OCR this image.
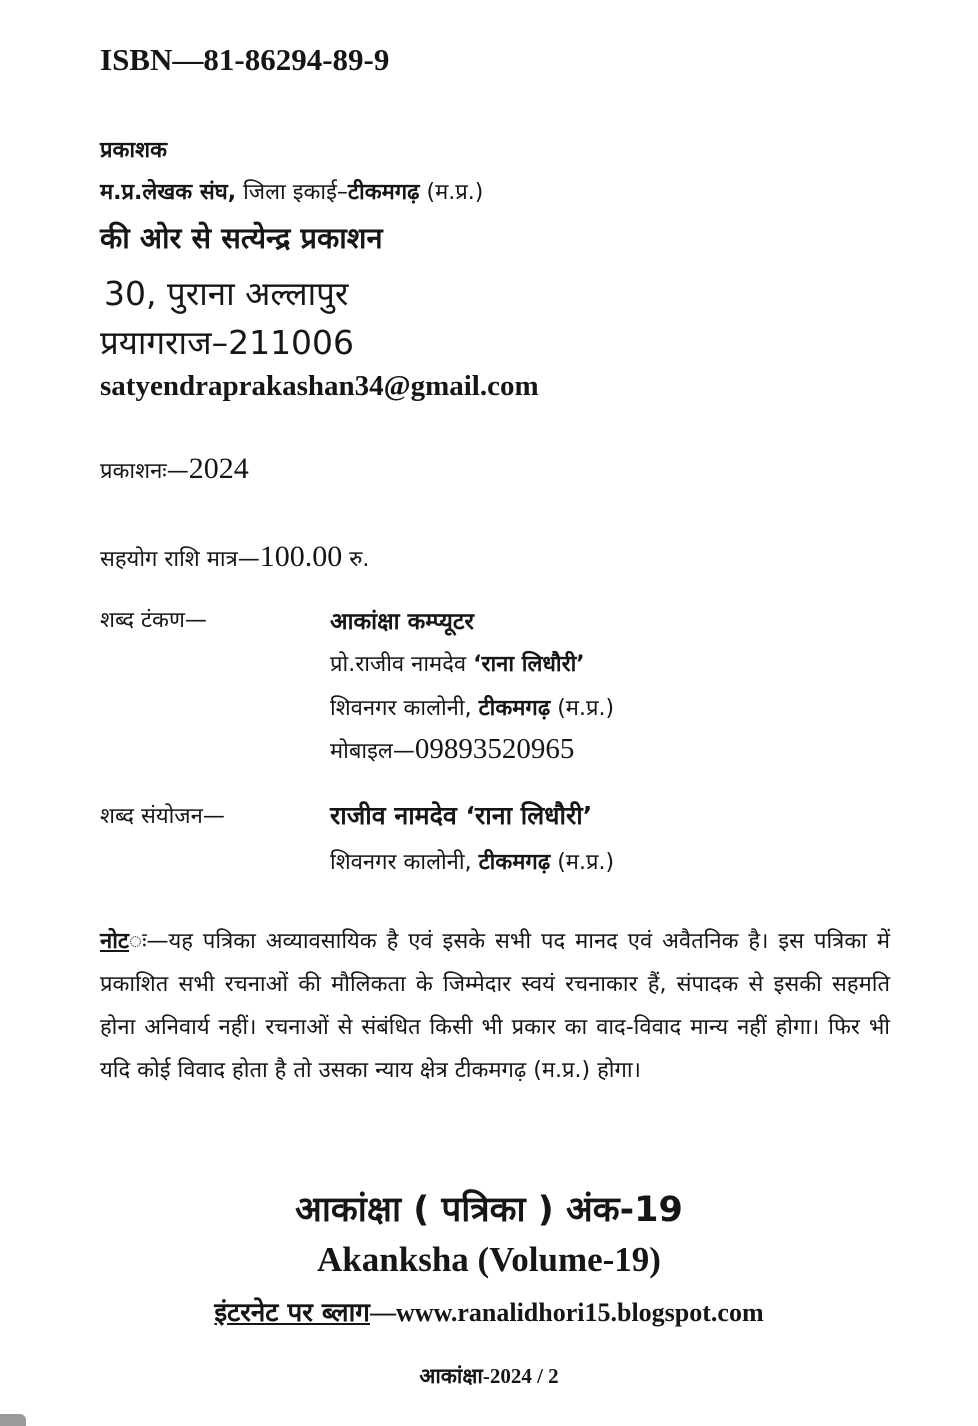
ISBN—81-86294-89-9
प्रकाशक
म.प्र.लेखक संघ, जिला इकाई–टीकमगढ़ (म.प्र.)
की ओर से सत्येन्द्र प्रकाशन
30, पुराना अल्लापुर
प्रयागराज–211006
satyendraprakashan34@gmail.com
प्रकाशनः—2024
सहयोग राशि मात्र—100.00 रु.
शब्द टंकण—	आकांक्षा कम्प्यूटर
प्रो.राजीव नामदेव ‘राना लिधौरी’
शिवनगर कालोनी, टीकमगढ़ (म.प्र.)
मोबाइल—09893520965
शब्द संयोजन—	राजीव नामदेव ‘राना लिधौरी’
शिवनगर कालोनी, टीकमगढ़ (म.प्र.)
नोटः—यह पत्रिका अव्यावसायिक है एवं इसके सभी पद मानद एवं अवैतनिक है। इस पत्रिका में प्रकाशित सभी रचनाओं की मौलिकता के जिम्मेदार स्वयं रचनाकार हैं, संपादक से इसकी सहमति होना अनिवार्य नहीं। रचनाओं से संबंधित किसी भी प्रकार का वाद-विवाद मान्य नहीं होगा। फिर भी यदि कोई विवाद होता है तो उसका न्याय क्षेत्र टीकमगढ़ (म.प्र.) होगा।
आकांक्षा ( पत्रिका ) अंक-19
Akanksha (Volume-19)
इंटरनेट पर ब्लाग—www.ranalidhori15.blogspot.com
आकांक्षा-2024 / 2
